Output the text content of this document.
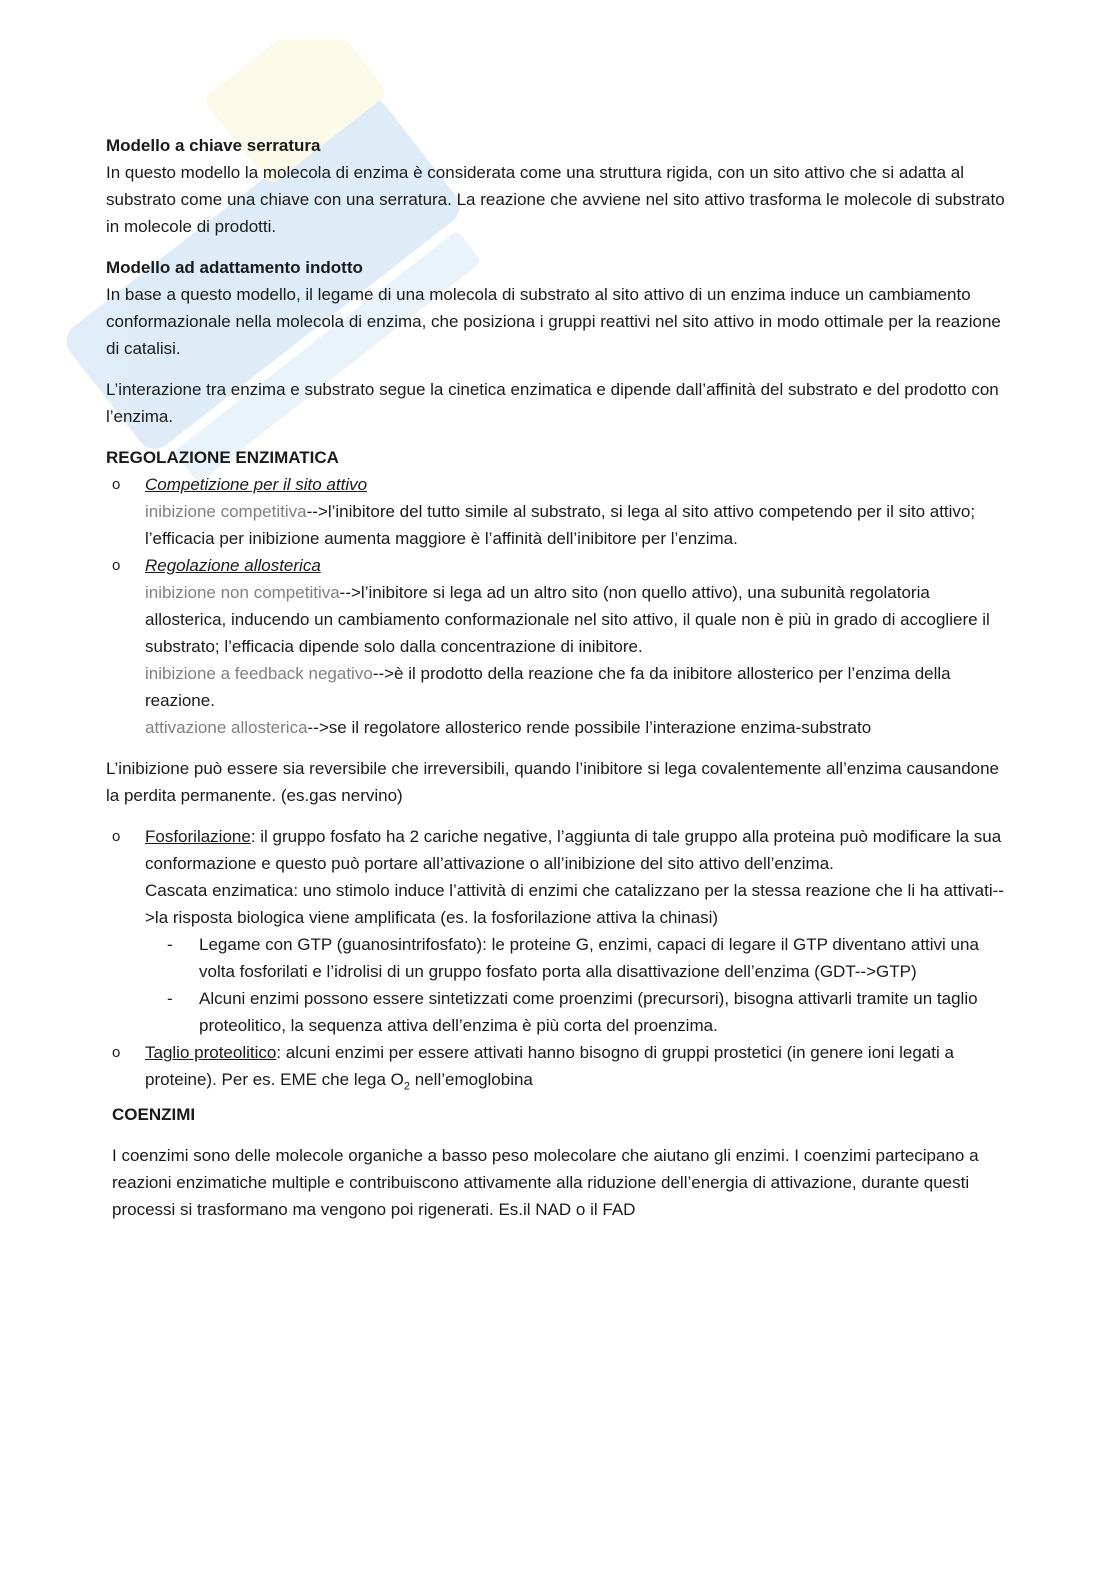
Modello a chiave serratura

In questo modello la molecola di enzima è considerata come una struttura rigida, con un sito attivo che si adatta al substrato come una chiave con una serratura. La reazione che avviene nel sito attivo trasforma le molecole di substrato in molecole di prodotti.

Modello ad adattamento indotto

In base a questo modello, il legame di una molecola di substrato al sito attivo di un enzima induce un cambiamento conformazionale nella molecola di enzima, che posiziona i gruppi reattivi nel sito attivo in modo ottimale per la reazione di catalisi.

L’interazione tra enzima e substrato segue la cinetica enzimatica e dipende dall’affinità del substrato e del prodotto con l’enzima.

REGOLAZIONE ENZIMATICA

o Competizione per il sito attivo

inibizione competitiva-->l’inibitore del tutto simile al substrato, si lega al sito attivo competendo per il sito attivo; l’efficacia per inibizione aumenta maggiore è l’affinità dell’inibitore per l’enzima.

o Regolazione allosterica

inibizione non competitiva-->l’inibitore si lega ad un altro sito (non quello attivo), una subunità regolatoria allosterica, inducendo un cambiamento conformazionale nel sito attivo, il quale non è più in grado di accogliere il substrato; l’efficacia dipende solo dalla concentrazione di inibitore.

inibizione a feedback negativo-->è il prodotto della reazione che fa da inibitore allosterico per l’enzima della reazione.

attivazione allosterica-->se il regolatore allosterico rende possibile l’interazione enzima-substrato

L’inibizione può essere sia reversibile che irreversibili, quando l’inibitore si lega covalentemente all’enzima causandone la perdita permanente. (es.gas nervino)

o Fosforilazione: il gruppo fosfato ha 2 cariche negative, l’aggiunta di tale gruppo alla proteina può modificare la sua conformazione e questo può portare all’attivazione o all’inibizione del sito attivo dell’enzima.

Cascata enzimatica: uno stimolo induce l’attività di enzimi che catalizzano per la stessa reazione che li ha attivati-->la risposta biologica viene amplificata (es. la fosforilazione attiva la chinasi)

- Legame con GTP (guanosintrifosfato): le proteine G, enzimi, capaci di legare il GTP diventano attivi una volta fosforilati e l’idrolisi di un gruppo fosfato porta alla disattivazione dell’enzima (GDT-->GTP)

- Alcuni enzimi possono essere sintetizzati come proenzimi (precursori), bisogna attivarli tramite un taglio proteolitico, la sequenza attiva dell’enzima è più corta del proenzima.

o Taglio proteolitico: alcuni enzimi per essere attivati hanno bisogno di gruppi prostetici (in genere ioni legati a proteine). Per es. EME che lega $O_2$ nell’emoglobina

COENZIMI

I coenzimi sono delle molecole organiche a basso peso molecolare che aiutano gli enzimi. I coenzimi partecipano a reazioni enzimatiche multiple e contribuiscono attivamente alla riduzione dell’energia di attivazione, durante questi processi si trasformano ma vengono poi rigenerati. Es.il NAD o il FAD
